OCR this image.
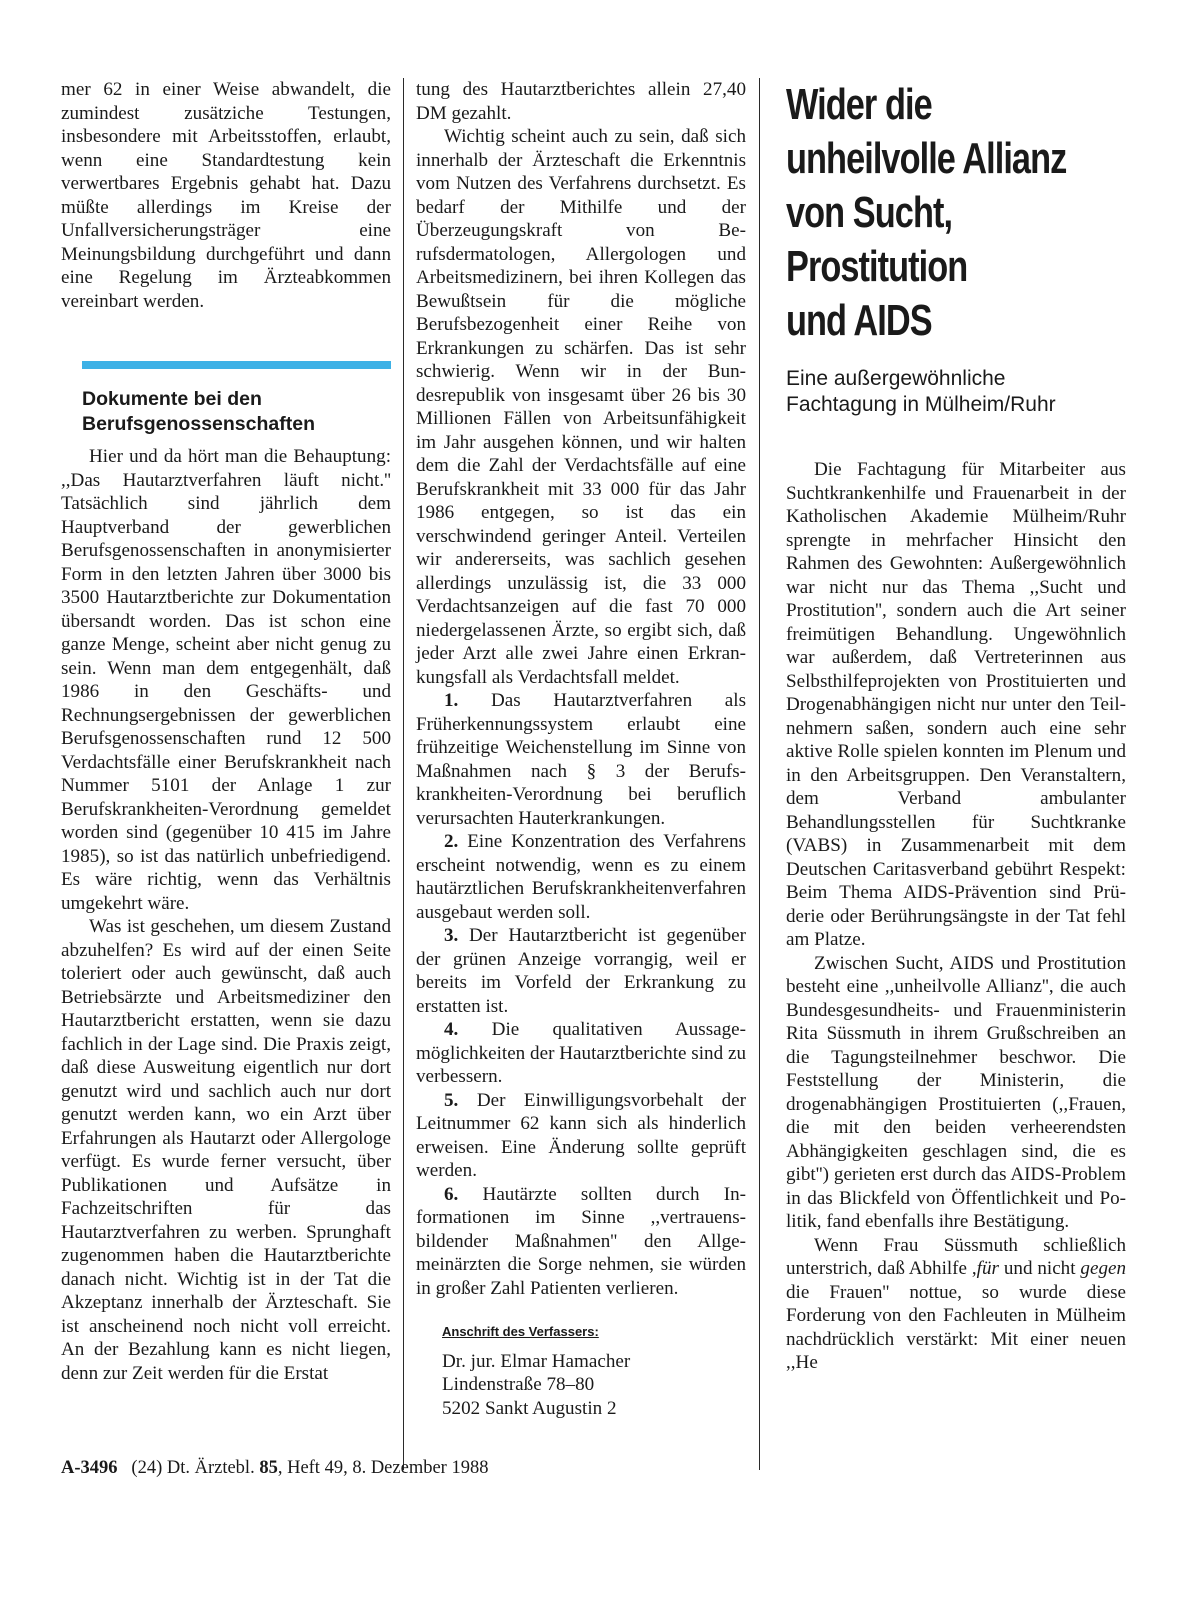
mer 62 in einer Weise abwandelt, die zumindest zusätziche Testungen, insbesondere mit Arbeitsstoffen, erlaubt, wenn eine Standardtestung kein verwertbares Ergebnis gehabt hat. Dazu müßte allerdings im Kreise der Unfallversicherungsträger eine Meinungsbildung durchgeführt und dann eine Regelung im Ärzteabkommen vereinbart werden.

Dokumente bei den Berufsgenossenschaften

Hier und da hört man die Behauptung: ,,Das Hautarztverfahren läuft nicht.'' Tatsächlich sind jährlich dem Hauptverband der gewerblichen Berufsgenossenschaften in anonymisierter Form in den letzten Jahren über 3000 bis 3500 Hautarztberichte zur Dokumentation übersandt worden. Das ist schon eine ganze Menge, scheint aber nicht genug zu sein. Wenn man dem entgegenhält, daß 1986 in den Geschäfts- und Rechnungsergebnissen der gewerblichen Berufsgenossenschaften rund 12 500 Verdachtsfälle einer Berufskrankheit nach Nummer 5101 der Anlage 1 zur Berufskrankheiten-Verordnung gemeldet worden sind (gegenüber 10 415 im Jahre 1985), so ist das natürlich unbefriedigend. Es wäre richtig, wenn das Verhältnis umgekehrt wäre.

Was ist geschehen, um diesem Zustand abzuhelfen? Es wird auf der einen Seite toleriert oder auch gewünscht, daß auch Betriebsärzte und Arbeitsmediziner den Hautarztbericht erstatten, wenn sie dazu fachlich in der Lage sind. Die Praxis zeigt, daß diese Ausweitung eigentlich nur dort genutzt wird und sachlich auch nur dort genutzt werden kann, wo ein Arzt über Erfahrungen als Hautarzt oder Allergologe verfügt. Es wurde ferner versucht, über Publikationen und Aufsätze in Fachzeitschriften für das Hautarztverfahren zu werben. Sprunghaft zugenommen haben die Hautarztberichte danach nicht. Wichtig ist in der Tat die Akzeptanz innerhalb der Ärzteschaft. Sie ist anscheinend noch nicht voll erreicht. An der Bezahlung kann es nicht liegen, denn zur Zeit werden für die Erstat

tung des Hautarztberichtes allein 27,40 DM gezahlt.

Wichtig scheint auch zu sein, daß sich innerhalb der Ärzteschaft die Erkenntnis vom Nutzen des Verfahrens durchsetzt. Es bedarf der Mithilfe und der Überzeugungskraft von Berufsdermatologen, Allergologen und Arbeitsmedizinern, bei ihren Kollegen das Bewußtsein für die mögliche Berufsbezogenheit einer Reihe von Erkrankungen zu schärfen. Das ist sehr schwierig. Wenn wir in der Bundesrepublik von insgesamt über 26 bis 30 Millionen Fällen von Arbeitsunfähigkeit im Jahr ausgehen können, und wir halten dem die Zahl der Verdachtsfälle auf eine Berufskrankheit mit 33 000 für das Jahr 1986 entgegen, so ist das ein verschwindend geringer Anteil. Verteilen wir andererseits, was sachlich gesehen allerdings unzulässig ist, die 33 000 Verdachtsanzeigen auf die fast 70 000 niedergelassenen Ärzte, so ergibt sich, daß jeder Arzt alle zwei Jahre einen Erkrankungsfall als Verdachtsfall meldet.

1. Das Hautarztverfahren als Früherkennungssystem erlaubt eine frühzeitige Weichenstellung im Sinne von Maßnahmen nach § 3 der Berufskrankheiten-Verordnung bei beruflich verursachten Hauterkrankungen.

2. Eine Konzentration des Verfahrens erscheint notwendig, wenn es zu einem hautärztlichen Berufskrankheitenverfahren ausgebaut werden soll.

3. Der Hautarztbericht ist gegenüber der grünen Anzeige vorrangig, weil er bereits im Vorfeld der Erkrankung zu erstatten ist.

4. Die qualitativen Aussagemöglichkeiten der Hautarztberichte sind zu verbessern.

5. Der Einwilligungsvorbehalt der Leitnummer 62 kann sich als hinderlich erweisen. Eine Änderung sollte geprüft werden.

6. Hautärzte sollten durch Informationen im Sinne ,,vertrauensbildender Maßnahmen'' den Allgemeinärzten die Sorge nehmen, sie würden in großer Zahl Patienten verlieren.

Anschrift des Verfassers:
Dr. jur. Elmar Hamacher
Lindenstraße 78–80
5202 Sankt Augustin 2
Wider die
unheilvolle Allianz
von Sucht,
Prostitution
und AIDS
Eine außergewöhnliche
Fachtagung in Mülheim/Ruhr

Die Fachtagung für Mitarbeiter aus Suchtkrankenhilfe und Frauenarbeit in der Katholischen Akademie Mülheim/Ruhr sprengte in mehrfacher Hinsicht den Rahmen des Gewohnten: Außergewöhnlich war nicht nur das Thema ,,Sucht und Prostitution'', sondern auch die Art seiner freimütigen Behandlung. Ungewöhnlich war außerdem, daß Vertreterinnen aus Selbsthilfeprojekten von Prostituierten und Drogenabhängigen nicht nur unter den Teilnehmern saßen, sondern auch eine sehr aktive Rolle spielen konnten im Plenum und in den Arbeitsgruppen. Den Veranstaltern, dem Verband ambulanter Behandlungsstellen für Suchtkranke (VABS) in Zusammenarbeit mit dem Deutschen Caritasverband gebührt Respekt: Beim Thema AIDS-Prävention sind Prüderie oder Berührungsängste in der Tat fehl am Platze.

Zwischen Sucht, AIDS und Prostitution besteht eine ,,unheilvolle Allianz'', die auch Bundesgesundheits- und Frauenministerin Rita Süssmuth in ihrem Grußschreiben an die Tagungsteilnehmer beschwor. Die Feststellung der Ministerin, die drogenabhängigen Prostituierten (,,Frauen, die mit den beiden verheerendsten Abhängigkeiten geschlagen sind, die es gibt'') gerieten erst durch das AIDS-Problem in das Blickfeld von Öffentlichkeit und Politik, fand ebenfalls ihre Bestätigung.

Wenn Frau Süssmuth schließlich unterstrich, daß Abhilfe ,für und nicht gegen die Frauen'' nottue, so wurde diese Forderung von den Fachleuten in Mülheim nachdrücklich verstärkt: Mit einer neuen ,,He

A-3496 (24) Dt. Ärztebl. 85, Heft 49, 8. Dezember 1988
